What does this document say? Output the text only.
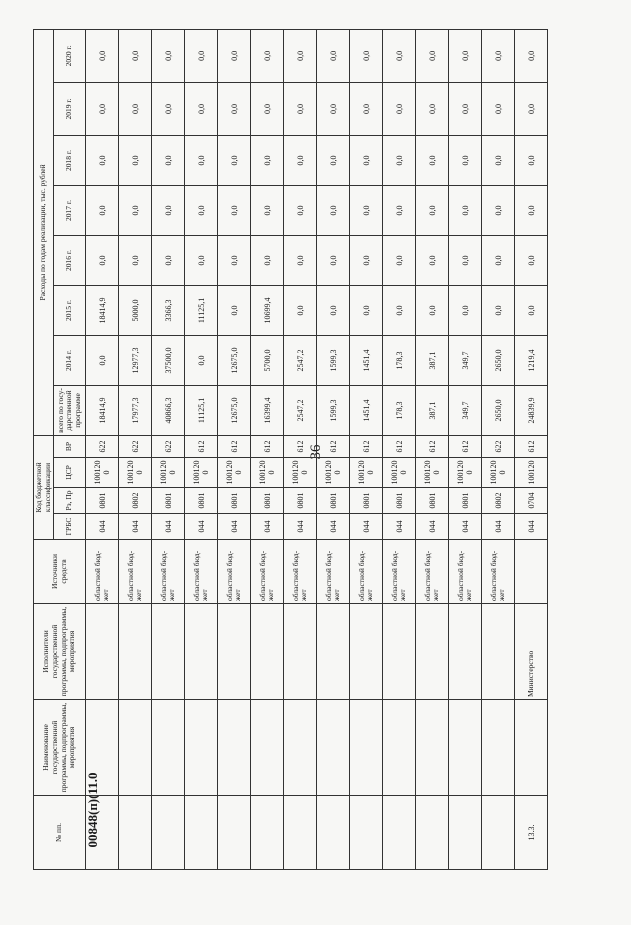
36
00848(п)(11.0
№ пп.	Наименование государственной программы, подпрограммы, мероприятия	Исполнители государственной программы, подпрограммы, мероприятия	Источники средств	Код бюджетной классификации				Расходы по годам реализации, тыс. рублей							
				ГРБС	Рз, Пр	ЦСР	ВР	всего по госу-дарственной программе	2014 г.	2015 г.	2016 г.	2017 г.	2018 г.	2019 г.	2020 г.
			областной бюд-жет	044	0801	100120 0	622	18414,9	0,0	18414,9	0,0	0,0	0,0	0,0	0,0
			областной бюд-жет	044	0802	100120 0	622	17977,3	12977,3	5000,0	0,0	0,0	0,0	0,0	0,0
			областной бюд-жет	044	0801	100120 0	622	40866,3	37500,0	3366,3	0,0	0,0	0,0	0,0	0,0
			областной бюд-жет	044	0801	100120 0	612	11125,1	0,0	11125,1	0,0	0,0	0,0	0,0	0,0
			областной бюд-жет	044	0801	100120 0	612	12675,0	12675,0	0,0	0,0	0,0	0,0	0,0	0,0
			областной бюд-жет	044	0801	100120 0	612	16399,4	5700,0	10699,4	0,0	0,0	0,0	0,0	0,0
			областной бюд-жет	044	0801	100120 0	612	2547,2	2547,2	0,0	0,0	0,0	0,0	0,0	0,0
			областной бюд-жет	044	0801	100120 0	612	1599,3	1599,3	0,0	0,0	0,0	0,0	0,0	0,0
			областной бюд-жет	044	0801	100120 0	612	1451,4	1451,4	0,0	0,0	0,0	0,0	0,0	0,0
			областной бюд-жет	044	0801	100120 0	612	178,3	178,3	0,0	0,0	0,0	0,0	0,0	0,0
			областной бюд-жет	044	0801	100120 0	612	387,1	387,1	0,0	0,0	0,0	0,0	0,0	0,0
			областной бюд-жет	044	0801	100120 0	612	349,7	349,7	0,0	0,0	0,0	0,0	0,0	0,0
			областной бюд-жет	044	0802	100120 0	622	2650,0	2650,0	0,0	0,0	0,0	0,0	0,0	0,0
13.3.		Министерство		044	0704	100120	612	24839,9	1219,4	0,0	0,0	0,0	0,0	0,0	0,0
